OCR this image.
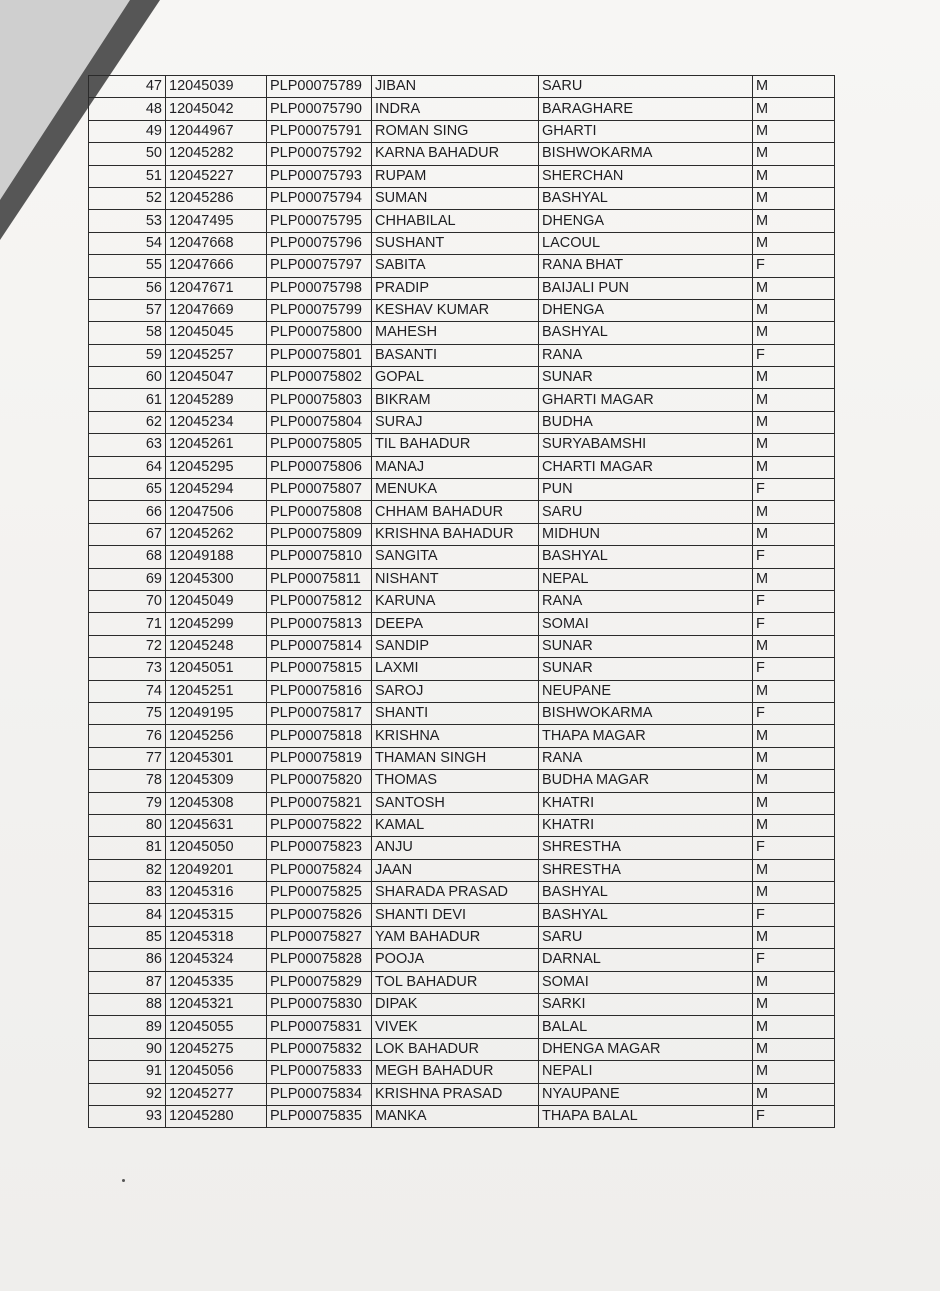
47	12045039	PLP00075789	JIBAN	SARU	M
48	12045042	PLP00075790	INDRA	BARAGHARE	M
49	12044967	PLP00075791	ROMAN SING	GHARTI	M
50	12045282	PLP00075792	KARNA BAHADUR	BISHWOKARMA	M
51	12045227	PLP00075793	RUPAM	SHERCHAN	M
52	12045286	PLP00075794	SUMAN	BASHYAL	M
53	12047495	PLP00075795	CHHABILAL	DHENGA	M
54	12047668	PLP00075796	SUSHANT	LACOUL	M
55	12047666	PLP00075797	SABITA	RANA BHAT	F
56	12047671	PLP00075798	PRADIP	BAIJALI PUN	M
57	12047669	PLP00075799	KESHAV KUMAR	DHENGA	M
58	12045045	PLP00075800	MAHESH	BASHYAL	M
59	12045257	PLP00075801	BASANTI	RANA	F
60	12045047	PLP00075802	GOPAL	SUNAR	M
61	12045289	PLP00075803	BIKRAM	GHARTI MAGAR	M
62	12045234	PLP00075804	SURAJ	BUDHA	M
63	12045261	PLP00075805	TIL BAHADUR	SURYABAMSHI	M
64	12045295	PLP00075806	MANAJ	CHARTI MAGAR	M
65	12045294	PLP00075807	MENUKA	PUN	F
66	12047506	PLP00075808	CHHAM BAHADUR	SARU	M
67	12045262	PLP00075809	KRISHNA BAHADUR	MIDHUN	M
68	12049188	PLP00075810	SANGITA	BASHYAL	F
69	12045300	PLP00075811	NISHANT	NEPAL	M
70	12045049	PLP00075812	KARUNA	RANA	F
71	12045299	PLP00075813	DEEPA	SOMAI	F
72	12045248	PLP00075814	SANDIP	SUNAR	M
73	12045051	PLP00075815	LAXMI	SUNAR	F
74	12045251	PLP00075816	SAROJ	NEUPANE	M
75	12049195	PLP00075817	SHANTI	BISHWOKARMA	F
76	12045256	PLP00075818	KRISHNA	THAPA MAGAR	M
77	12045301	PLP00075819	THAMAN SINGH	RANA	M
78	12045309	PLP00075820	THOMAS	BUDHA MAGAR	M
79	12045308	PLP00075821	SANTOSH	KHATRI	M
80	12045631	PLP00075822	KAMAL	KHATRI	M
81	12045050	PLP00075823	ANJU	SHRESTHA	F
82	12049201	PLP00075824	JAAN	SHRESTHA	M
83	12045316	PLP00075825	SHARADA PRASAD	BASHYAL	M
84	12045315	PLP00075826	SHANTI DEVI	BASHYAL	F
85	12045318	PLP00075827	YAM BAHADUR	SARU	M
86	12045324	PLP00075828	POOJA	DARNAL	F
87	12045335	PLP00075829	TOL BAHADUR	SOMAI	M
88	12045321	PLP00075830	DIPAK	SARKI	M
89	12045055	PLP00075831	VIVEK	BALAL	M
90	12045275	PLP00075832	LOK BAHADUR	DHENGA MAGAR	M
91	12045056	PLP00075833	MEGH BAHADUR	NEPALI	M
92	12045277	PLP00075834	KRISHNA PRASAD	NYAUPANE	M
93	12045280	PLP00075835	MANKA	THAPA BALAL	F
